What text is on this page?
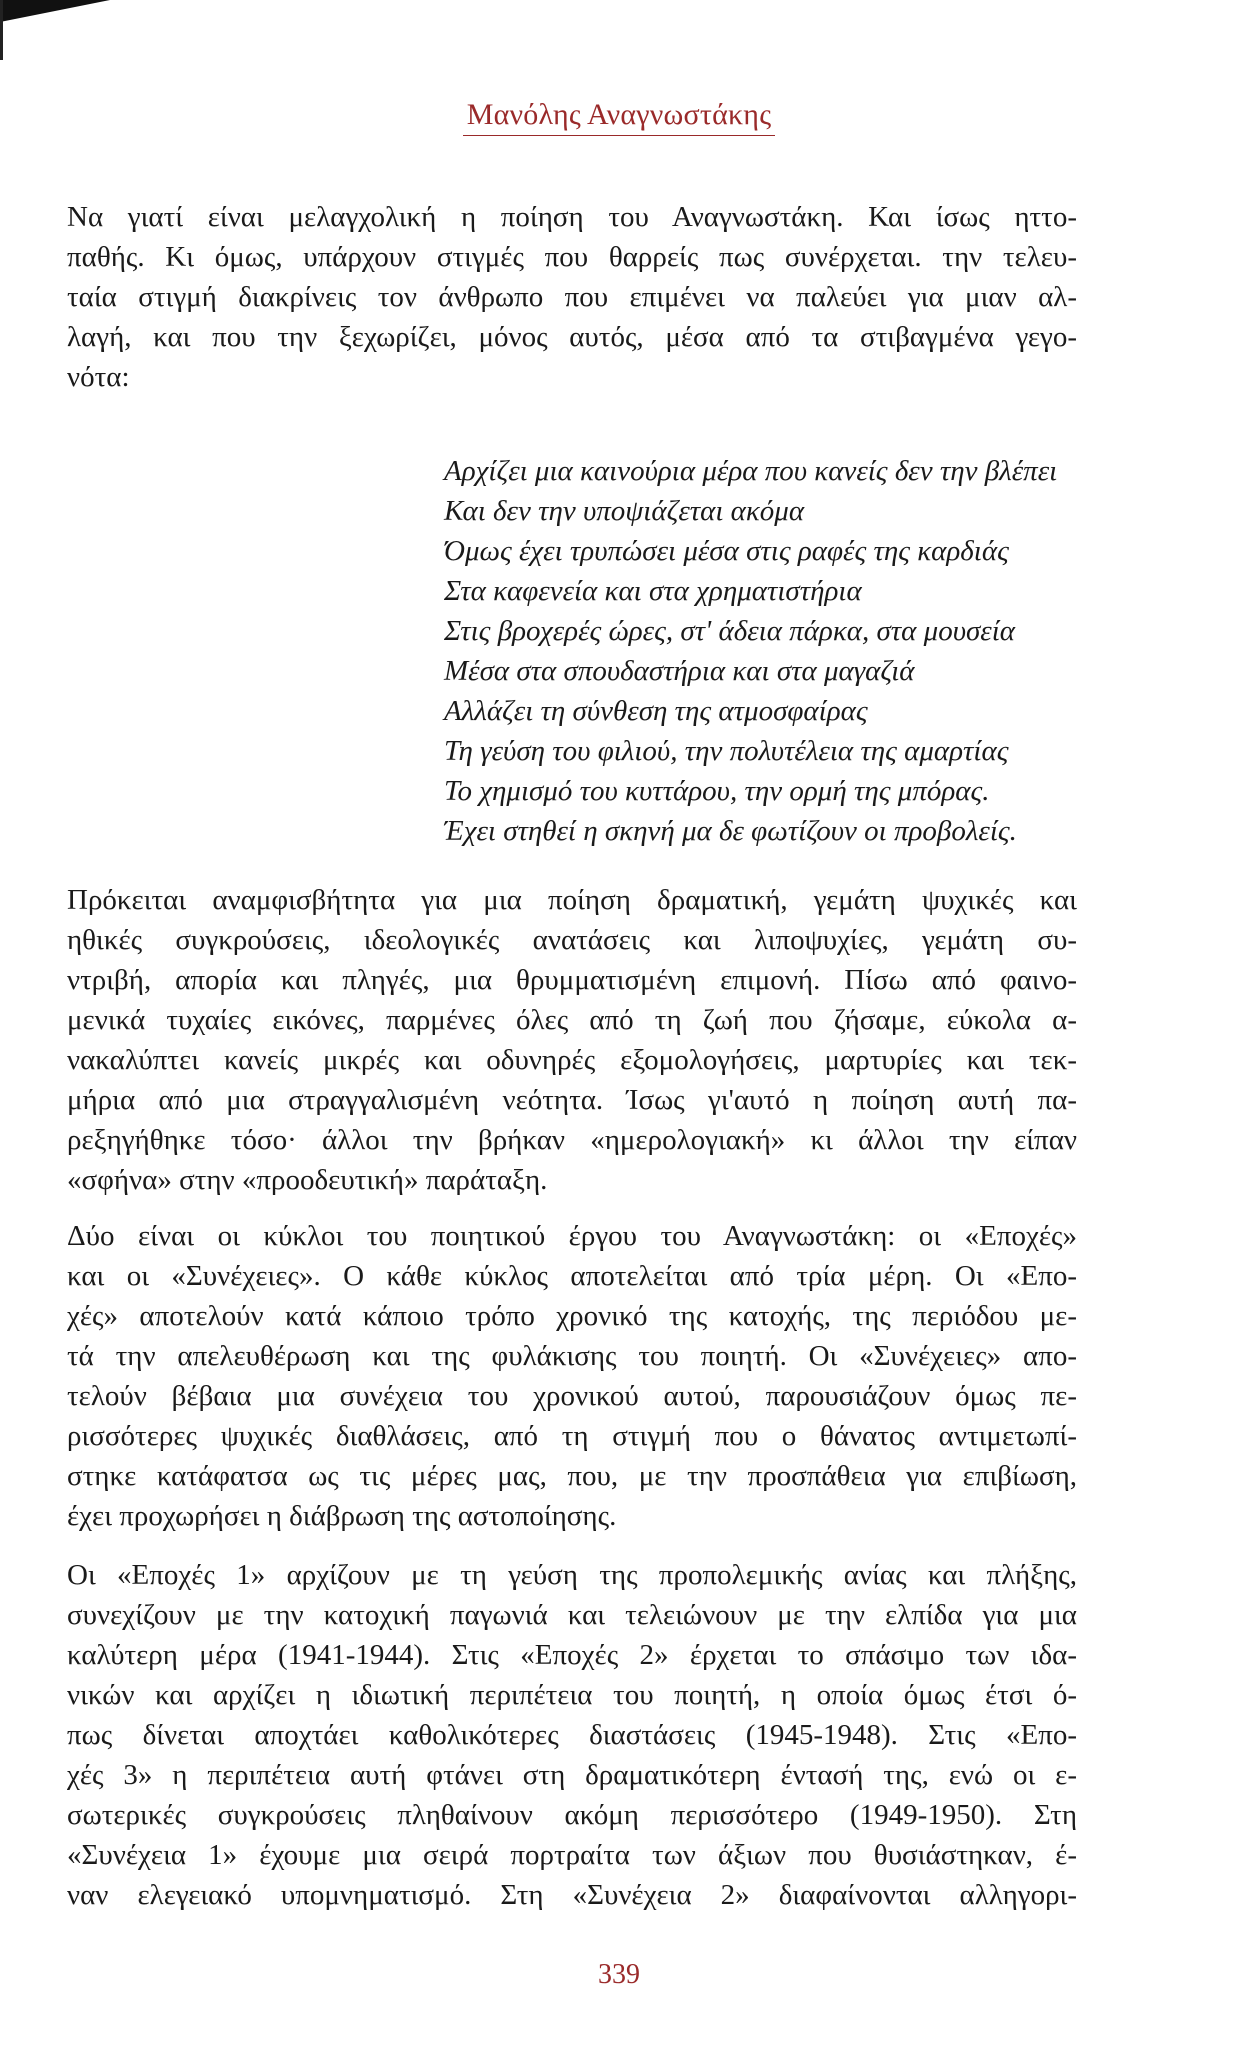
Μανόλης Αναγνωστάκης
Να γιατί είναι μελαγχολική η ποίηση του Αναγνωστάκη. Και ίσως ηττο-
παθής. Κι όμως, υπάρχουν στιγμές που θαρρείς πως συνέρχεται. την τελευ-
ταία στιγμή διακρίνεις τον άνθρωπο που επιμένει να παλεύει για μιαν αλ-
λαγή, και που την ξεχωρίζει, μόνος αυτός, μέσα από τα στιβαγμένα γεγο-
νότα:
Αρχίζει μια καινούρια μέρα που κανείς δεν την βλέπει
Και δεν την υποψιάζεται ακόμα
Όμως έχει τρυπώσει μέσα στις ραφές της καρδιάς
Στα καφενεία και στα χρηματιστήρια
Στις βροχερές ώρες, στ' άδεια πάρκα, στα μουσεία
Μέσα στα σπουδαστήρια και στα μαγαζιά
Αλλάζει τη σύνθεση της ατμοσφαίρας
Τη γεύση του φιλιού, την πολυτέλεια της αμαρτίας
Το χημισμό του κυττάρου, την ορμή της μπόρας.
Έχει στηθεί η σκηνή μα δε φωτίζουν οι προβολείς.
Πρόκειται αναμφισβήτητα για μια ποίηση δραματική, γεμάτη ψυχικές και
ηθικές συγκρούσεις, ιδεολογικές ανατάσεις και λιποψυχίες, γεμάτη συ-
ντριβή, απορία και πληγές, μια θρυμματισμένη επιμονή. Πίσω από φαινο-
μενικά τυχαίες εικόνες, παρμένες όλες από τη ζωή που ζήσαμε, εύκολα α-
νακαλύπτει κανείς μικρές και οδυνηρές εξομολογήσεις, μαρτυρίες και τεκ-
μήρια από μια στραγγαλισμένη νεότητα. Ίσως γι'αυτό η ποίηση αυτή πα-
ρεξηγήθηκε τόσο· άλλοι την βρήκαν «ημερολογιακή» κι άλλοι την είπαν
«σφήνα» στην «προοδευτική» παράταξη.
Δύο είναι οι κύκλοι του ποιητικού έργου του Αναγνωστάκη: οι «Εποχές»
και οι «Συνέχειες». Ο κάθε κύκλος αποτελείται από τρία μέρη. Οι «Επο-
χές» αποτελούν κατά κάποιο τρόπο χρονικό της κατοχής, της περιόδου με-
τά την απελευθέρωση και της φυλάκισης του ποιητή. Οι «Συνέχειες» απο-
τελούν βέβαια μια συνέχεια του χρονικού αυτού, παρουσιάζουν όμως πε-
ρισσότερες ψυχικές διαθλάσεις, από τη στιγμή που ο θάνατος αντιμετωπί-
στηκε κατάφατσα ως τις μέρες μας, που, με την προσπάθεια για επιβίωση,
έχει προχωρήσει η διάβρωση της αστοποίησης.
Οι «Εποχές 1» αρχίζουν με τη γεύση της προπολεμικής ανίας και πλήξης,
συνεχίζουν με την κατοχική παγωνιά και τελειώνουν με την ελπίδα για μια
καλύτερη μέρα (1941-1944). Στις «Εποχές 2» έρχεται το σπάσιμο των ιδα-
νικών και αρχίζει η ιδιωτική περιπέτεια του ποιητή, η οποία όμως έτσι ό-
πως δίνεται αποχτάει καθολικότερες διαστάσεις (1945-1948). Στις «Επο-
χές 3» η περιπέτεια αυτή φτάνει στη δραματικότερη έντασή της, ενώ οι ε-
σωτερικές συγκρούσεις πληθαίνουν ακόμη περισσότερο (1949-1950). Στη
«Συνέχεια 1» έχουμε μια σειρά πορτραίτα των άξιων που θυσιάστηκαν, έ-
ναν ελεγειακό υπομνηματισμό. Στη «Συνέχεια 2» διαφαίνονται αλληγορι-
339
